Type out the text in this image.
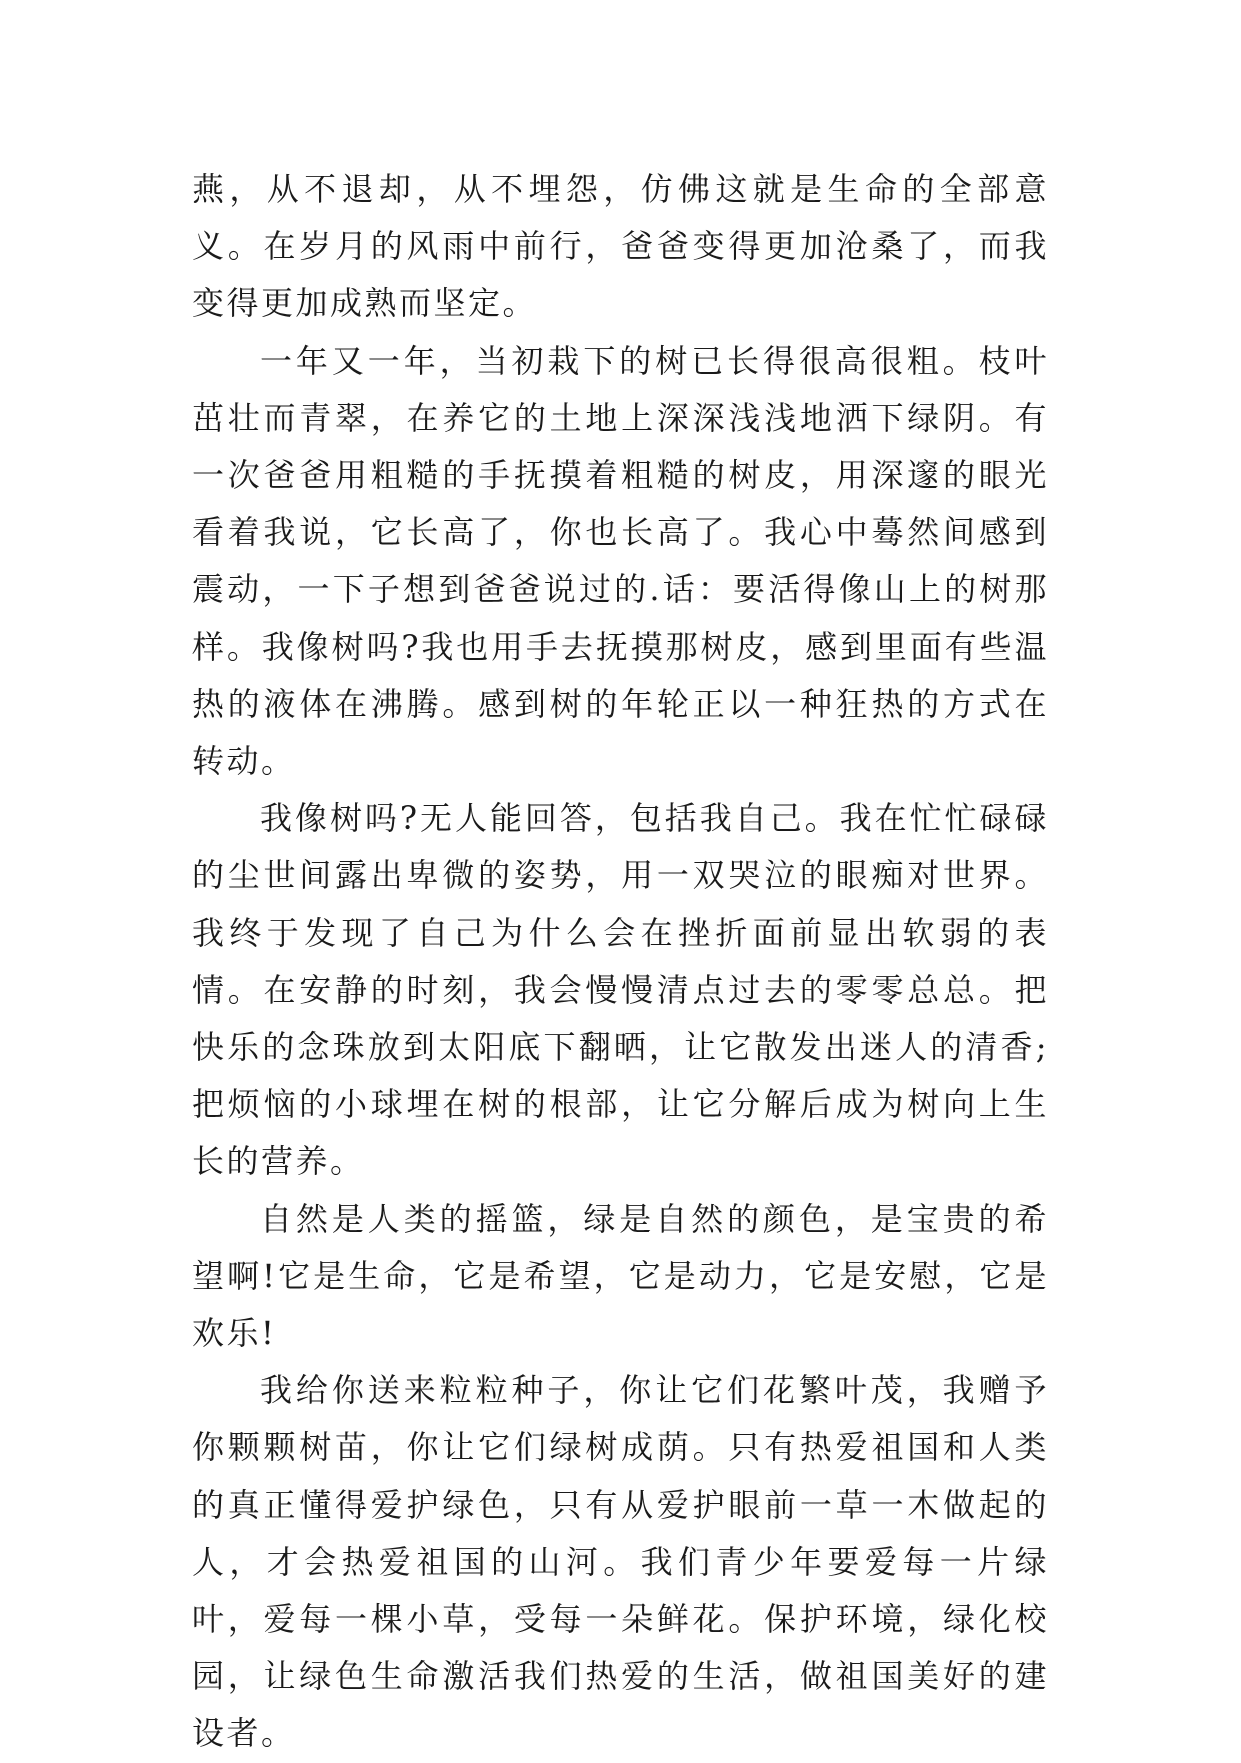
燕，从不退却，从不埋怨，仿佛这就是生命的全部意义。在岁月的风雨中前行，爸爸变得更加沧桑了，而我变得更加成熟而坚定。

一年又一年，当初栽下的树已长得很高很粗。枝叶茁壮而青翠，在养它的土地上深深浅浅地洒下绿阴。有一次爸爸用粗糙的手抚摸着粗糙的树皮，用深邃的眼光看着我说，它长高了，你也长高了。我心中蓦然间感到震动，一下子想到爸爸说过的.话：要活得像山上的树那样。我像树吗?我也用手去抚摸那树皮，感到里面有些温热的液体在沸腾。感到树的年轮正以一种狂热的方式在转动。

我像树吗?无人能回答，包括我自己。我在忙忙碌碌的尘世间露出卑微的姿势，用一双哭泣的眼痴对世界。我终于发现了自己为什么会在挫折面前显出软弱的表情。在安静的时刻，我会慢慢清点过去的零零总总。把快乐的念珠放到太阳底下翻晒，让它散发出迷人的清香;把烦恼的小球埋在树的根部，让它分解后成为树向上生长的营养。

自然是人类的摇篮，绿是自然的颜色，是宝贵的希望啊!它是生命，它是希望，它是动力，它是安慰，它是欢乐!

我给你送来粒粒种子，你让它们花繁叶茂，我赠予你颗颗树苗，你让它们绿树成荫。只有热爱祖国和人类的真正懂得爱护绿色，只有从爱护眼前一草一木做起的人，才会热爱祖国的山河。我们青少年要爱每一片绿叶，爱每一棵小草，受每一朵鲜花。保护环境，绿化校园，让绿色生命激活我们热爱的生活，做祖国美好的建设者。
